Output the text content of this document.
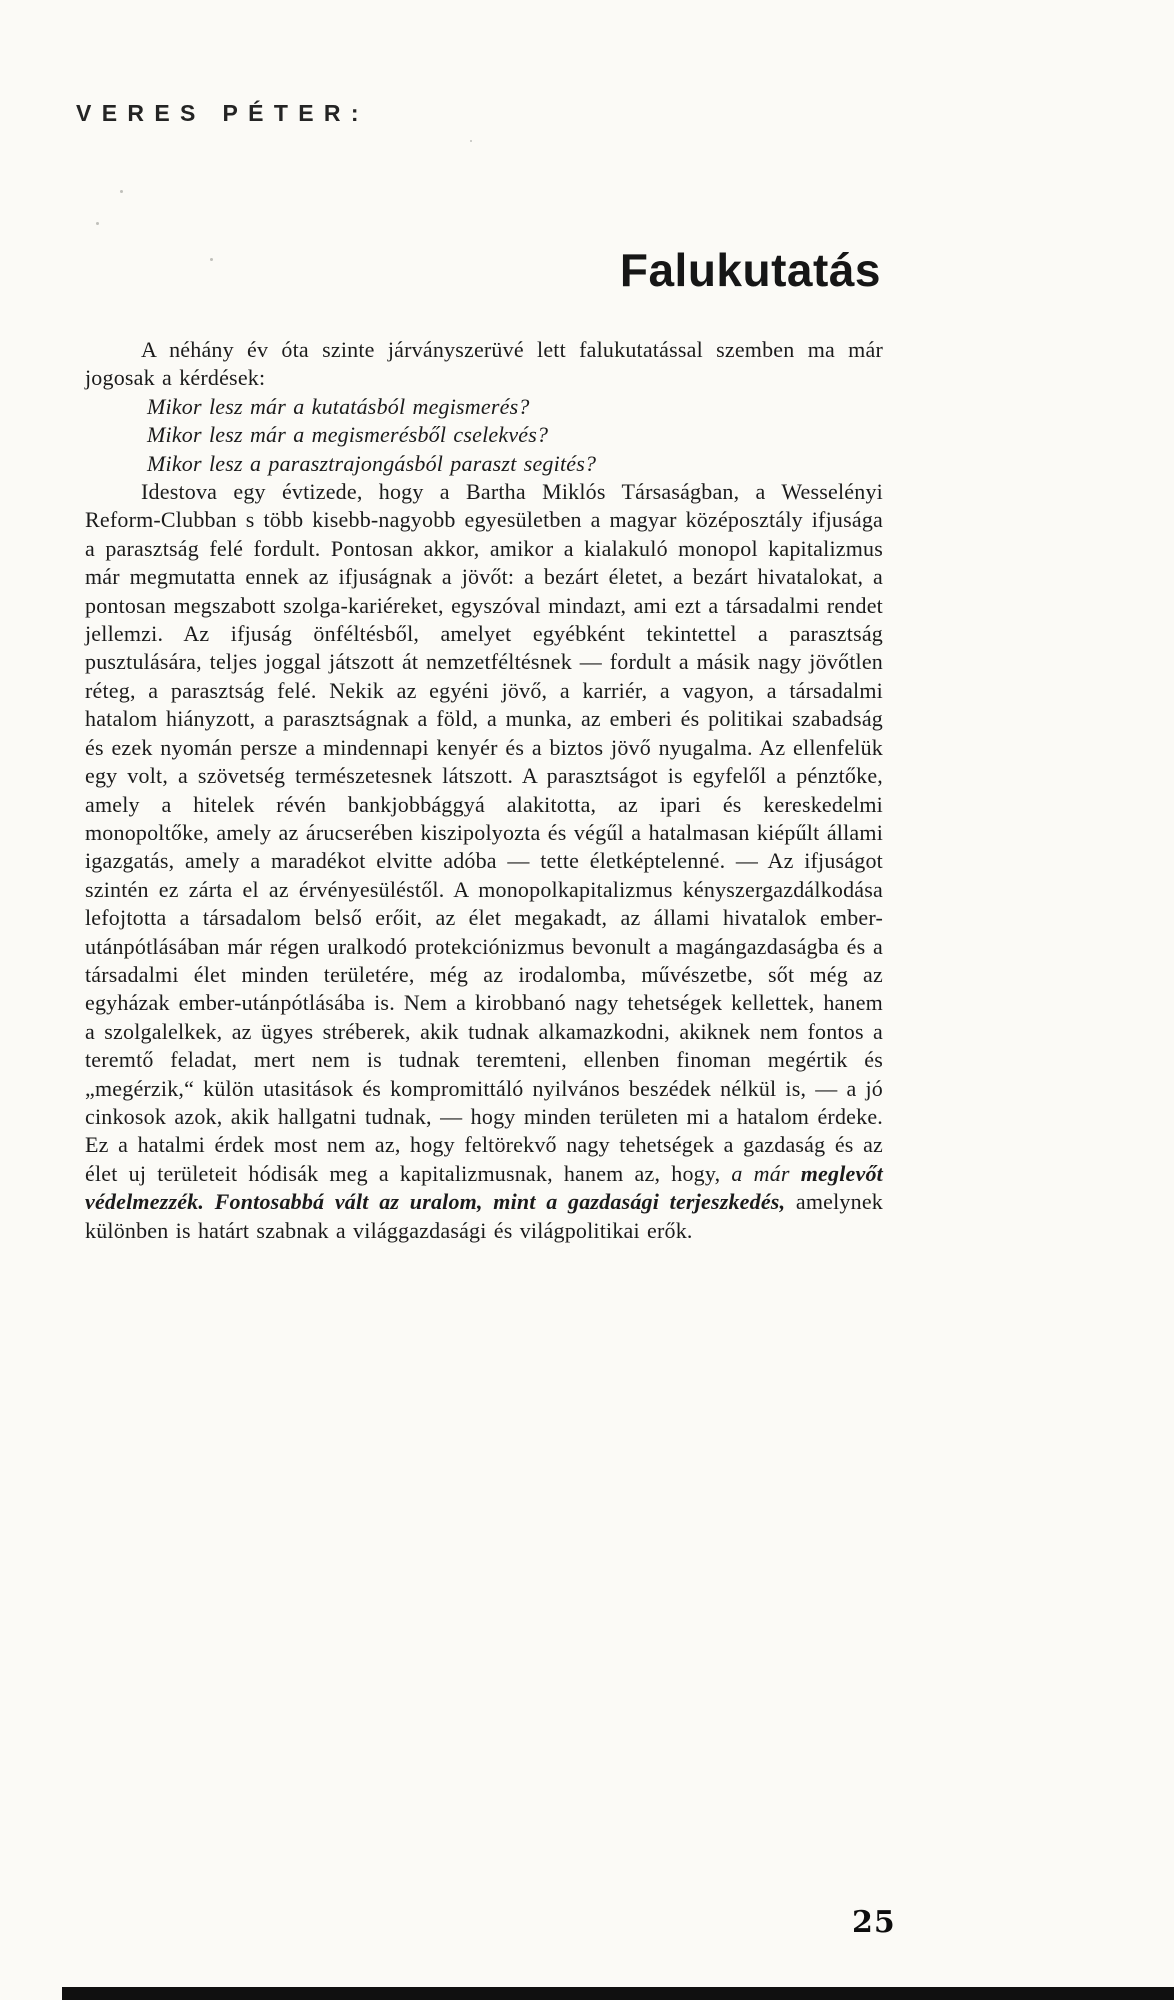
VERES PÉTER:
Falukutatás

A néhány év óta szinte járványszerüvé lett falukutatással szemben ma már jogosak a kérdések:

Mikor lesz már a kutatásból megismerés?
Mikor lesz már a megismerésből cselekvés?
Mikor lesz a parasztrajongásból paraszt segités?

Idestova egy évtizede, hogy a Bartha Miklós Társaságban, a Wesselényi Reform-Clubban s több kisebb-nagyobb egyesületben a magyar középosztály ifjusága a parasztság felé fordult. Pontosan akkor, amikor a kialakuló monopol kapitalizmus már megmutatta ennek az ifjuságnak a jövőt: a bezárt életet, a bezárt hivatalokat, a pontosan megszabott szolga-kariéreket, egyszóval mindazt, ami ezt a társadalmi rendet jellemzi. Az ifjuság önféltésből, amelyet egyébként tekintettel a parasztság pusztulására, teljes joggal játszott át nemzetféltésnek — fordult a másik nagy jövőtlen réteg, a parasztság felé. Nekik az egyéni jövő, a karriér, a vagyon, a társadalmi hatalom hiányzott, a parasztságnak a föld, a munka, az emberi és politikai szabadság és ezek nyomán persze a mindennapi kenyér és a biztos jövő nyugalma. Az ellenfelük egy volt, a szövetség természetesnek látszott. A parasztságot is egyfelől a pénztőke, amely a hitelek révén bankjobbággyá alakitotta, az ipari és kereskedelmi monopoltőke, amely az árucserében kiszipolyozta és végűl a hatalmasan kiépűlt állami igazgatás, amely a maradékot elvitte adóba — tette életképtelenné. — Az ifjuságot szintén ez zárta el az érvényesüléstől. A monopolkapitalizmus kényszergazdálkodása lefojtotta a társadalom belső erőit, az élet megakadt, az állami hivatalok ember-utánpótlásában már régen uralkodó protekciónizmus bevonult a magángazdaságba és a társadalmi élet minden területére, még az irodalomba, művészetbe, sőt még az egyházak ember-utánpótlásába is. Nem a kirobbanó nagy tehetségek kellettek, hanem a szolgalelkek, az ügyes stréberek, akik tudnak alkamazkodni, akiknek nem fontos a teremtő feladat, mert nem is tudnak teremteni, ellenben finoman megértik és „megérzik,“ külön utasitások és kompromittáló nyilvános beszédek nélkül is, — a jó cinkosok azok, akik hallgatni tudnak, — hogy minden területen mi a hatalom érdeke. Ez a hatalmi érdek most nem az, hogy feltörekvő nagy tehetségek a gazdaság és az élet uj területeit hódisák meg a kapitalizmusnak, hanem az, hogy, a már meglevőt védelmezzék. Fontosabbá vált az uralom, mint a gazdasági terjeszkedés, amelynek különben is határt szabnak a világgazdasági és világpolitikai erők.

25
